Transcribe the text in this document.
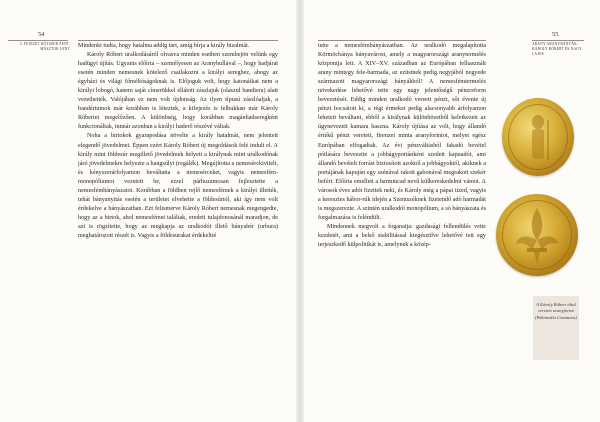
54
3. FEJEZET KÖTSZER FENT, MÁSZTOK LENT Mindenki tudta, hogy hatalma addig tart, amíg bírja a király bizalmát.

Károly Róbert uralkodásáról olvasva minden esetben szembejön velünk egy hadügyi újítás. Ugyanis előírta – személyesen az Aranybullával –, hogy hadjárat esetén minden nemesnek kötelező csatlakozni a királyi sereghez, ahogy az égyházi és világi főméltóságoknak is. Előjoguk volt, hogy katonáikat nem a királyi lobogó, hanem saját címerükkel ellátott zászlajuk (olaszul bandiera) alatt vezethették. Valójában ez nem volt újdonság. Az ilyen típusú zászlóaljak, a bandériumok már korábban is léteztek, a kifejezés is felbukkan már Károly Róbertet megelőzően. A különbség, hogy korábban magánhadseregként funkcionáltak, innnár azonban a királyi haderő részévé váltak.

Noha a birtokok gyarapodása növelte a király hatalmát, nem jelentett elegendő jövedelmet. Éppen ezért Károly Róbert új megoldások felé indult el. A király mint földesúr megillető jövedelmek helyett a királynak mint uralkodónak járó jövedelmekre helyezte a hangsúlyt (regálék). Megújította a nemesérckivitelt, és kényszerárfolyamon beváltatta a nemesérceket, vagyis nemesfém-monopóliumot vezetett be, ezzel párhuzamosan fejlesztette a nemesfémbányászatot. Korábban a földben rejlő nemesfémek a királyt illették, tehát bányanyitás esetén a területet elvehette a földesúrtól, aki így nem volt érdekelve a bányászatban. Ezt felismerve Károly Róbert nemesnak megengedte, hogy az a birtok, ahol nemesfémet találtak, eredeti tulajdonosánál maradjon, de azt is rögzítette, hogy az megkapja az uralkodót illető bányabér (urbura) meghatározott részét is. Vagyis a földesurakat érdekeltté

55
ARANY ARANYBÁNYÁK: KÁROLY RÓBERT ÉS NAGY LAJOS

tette a nemesfémbányászatban. Az uralkodó megalapította Körmöcbánya bányavárost, amely a magyarországi aranytermelés központja lett. A XIV–XV. században az Európában felhasznált arany mintegy fele-harmada, az ezüstnek pedig negyjából negyede származott magyarországi bányákból! A nemesfémtermelés növekedése lehetővé tette egy nagy jelentőségű pénzreform bevezetését. Eddig minden uralkodó vereett pénzt, sőt évente új pénzt bocsátott ki, a régi érmeket pedig alacsonyabb árfolyamon lehetett beváltani, ebből a királynak különbözetből keletkezett az úgynevezett kamara haszna. Károly újítása az volt, hogy állandó értékű pénzt veretett, firenzei minta aranyforintot, melyet egész Európában elfogadtak. Az évi pénzváltásból fakadó bevétel pótlására bevezette a jobbágyportánként szedett kapuadót, ami állandó bevételt forrást biztosított azoktól a jobbágyoktól, akiknek a portájának kapuján egy szénával rakott gabonával megrakott szekér befért. Előírta emellett a harmincad nevű külkereskedelmi vámot. A városok éves adót fizettek neki, és Károly még a pápai tized, vagyis a keresztes hábor-rúk idején a Szentszéknek fizetendő adó harmadát is megszerezte. A szintén uralkodói monopólium, a só bányászata és forgalmazása is feléndült.

Mindennek megvolt a foganatja: gazdasági fellendülés vette kezdetét, ami a belső stabilitással kiegészülve lehetővé tett egy terjeszkedő külpolitikát is, amelynek a közép-

A Károly Róbert által veretett aranyforint (Wikimedia Commons)
